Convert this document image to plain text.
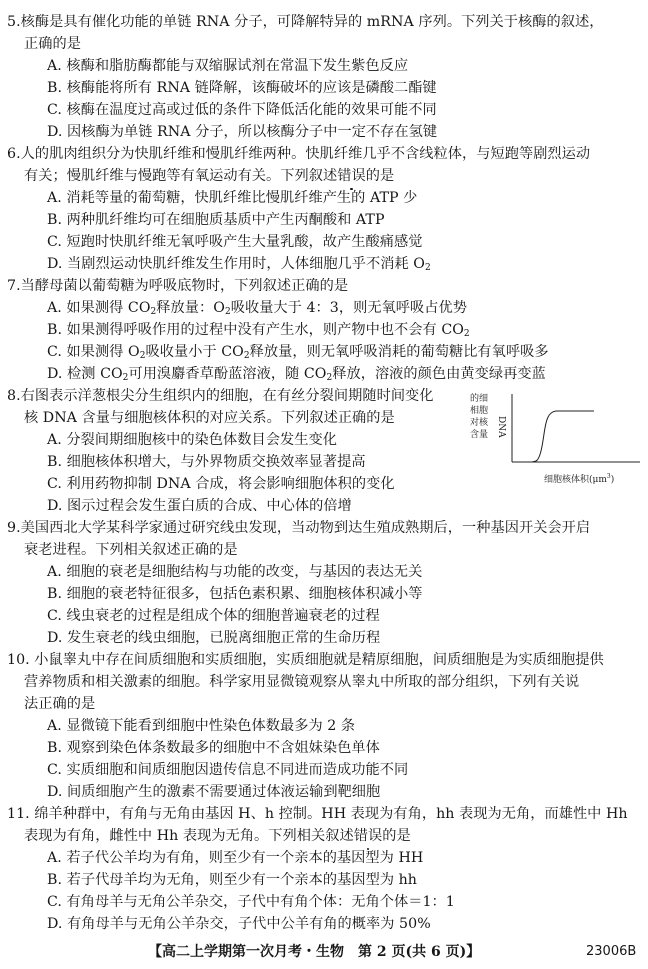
5.核酶是具有催化功能的单链 RNA 分子，可降解特异的 mRNA 序列。下列关于核酶的叙述，
正确的是
A. 核酶和脂肪酶都能与双缩脲试剂在常温下发生紫色反应
B. 核酶能将所有 RNA 链降解，该酶破坏的应该是磷酸二酯键
C. 核酶在温度过高或过低的条件下降低活化能的效果可能不同
D. 因核酶为单链 RNA 分子，所以核酶分子中一定不存在氢键
6.人的肌肉组织分为快肌纤维和慢肌纤维两种。快肌纤维几乎不含线粒体，与短跑等剧烈运动
有关；慢肌纤维与慢跑等有氧运动有关。下列叙述错误的是
A. 消耗等量的葡萄糖，快肌纤维比慢肌纤维产生的 ATP 少
B. 两种肌纤维均可在细胞质基质中产生丙酮酸和 ATP
C. 短跑时快肌纤维无氧呼吸产生大量乳酸，故产生酸痛感觉
D. 当剧烈运动快肌纤维发生作用时，人体细胞几乎不消耗 $O_2$
7.当酵母菌以葡萄糖为呼吸底物时，下列叙述正确的是
A. 如果测得 $CO_2$释放量：$O_2$吸收量大于 4：3，则无氧呼吸占优势
B. 如果测得呼吸作用的过程中没有产生水，则产物中也不会有 $CO_2$
C. 如果测得 $O_2$吸收量小于 $CO_2$释放量，则无氧呼吸消耗的葡萄糖比有氧呼吸多
D. 检测 $CO_2$可用溴麝香草酚蓝溶液，随 $CO_2$释放，溶液的颜色由黄变绿再变蓝
8.右图表示洋葱根尖分生组织内的细胞，在有丝分裂间期随时间变化
核 DNA 含量与细胞核体积的对应关系。下列叙述正确的是
A. 分裂间期细胞核中的染色体数目会发生变化
B. 细胞核体积增大，与外界物质交换效率显著提高
C. 利用药物抑制 DNA 合成，将会影响细胞体积的变化
D. 图示过程会发生蛋白质的合成、中心体的倍增
的细
相胞
对核
含量 DNA
细胞核体积$(\mu m^3)$
9.美国西北大学某科学家通过研究线虫发现，当动物到达生殖成熟期后，一种基因开关会开启
衰老进程。下列相关叙述正确的是
A. 细胞的衰老是细胞结构与功能的改变，与基因的表达无关
B. 细胞的衰老特征很多，包括色素积累、细胞核体积减小等
C. 线虫衰老的过程是组成个体的细胞普遍衰老的过程
D. 发生衰老的线虫细胞，已脱离细胞正常的生命历程
10. 小鼠睾丸中存在间质细胞和实质细胞，实质细胞就是精原细胞，间质细胞是为实质细胞提供
营养物质和相关激素的细胞。科学家用显微镜观察从睾丸中所取的部分组织，下列有关说
法正确的是
A. 显微镜下能看到细胞中性染色体数最多为 2 条
B. 观察到染色体条数最多的细胞中不含姐妹染色单体
C. 实质细胞和间质细胞因遗传信息不同进而造成功能不同
D. 间质细胞产生的激素不需要通过体液运输到靶细胞
11. 绵羊种群中，有角与无角由基因 H、h 控制。HH 表现为有角，hh 表现为无角，而雄性中 Hh
表现为有角，雌性中 Hh 表现为无角。下列相关叙述错误的是
A. 若子代公羊均为有角，则至少有一个亲本的基因型为 HH
B. 若子代母羊均为无角，则至少有一个亲本的基因型为 hh
C. 有角母羊与无角公羊杂交，子代中有角个体：无角个体＝1：1
D. 有角母羊与无角公羊杂交，子代中公羊有角的概率为 50%
【高二上学期第一次月考・生物　第 2 页(共 6 页)】	23006B
